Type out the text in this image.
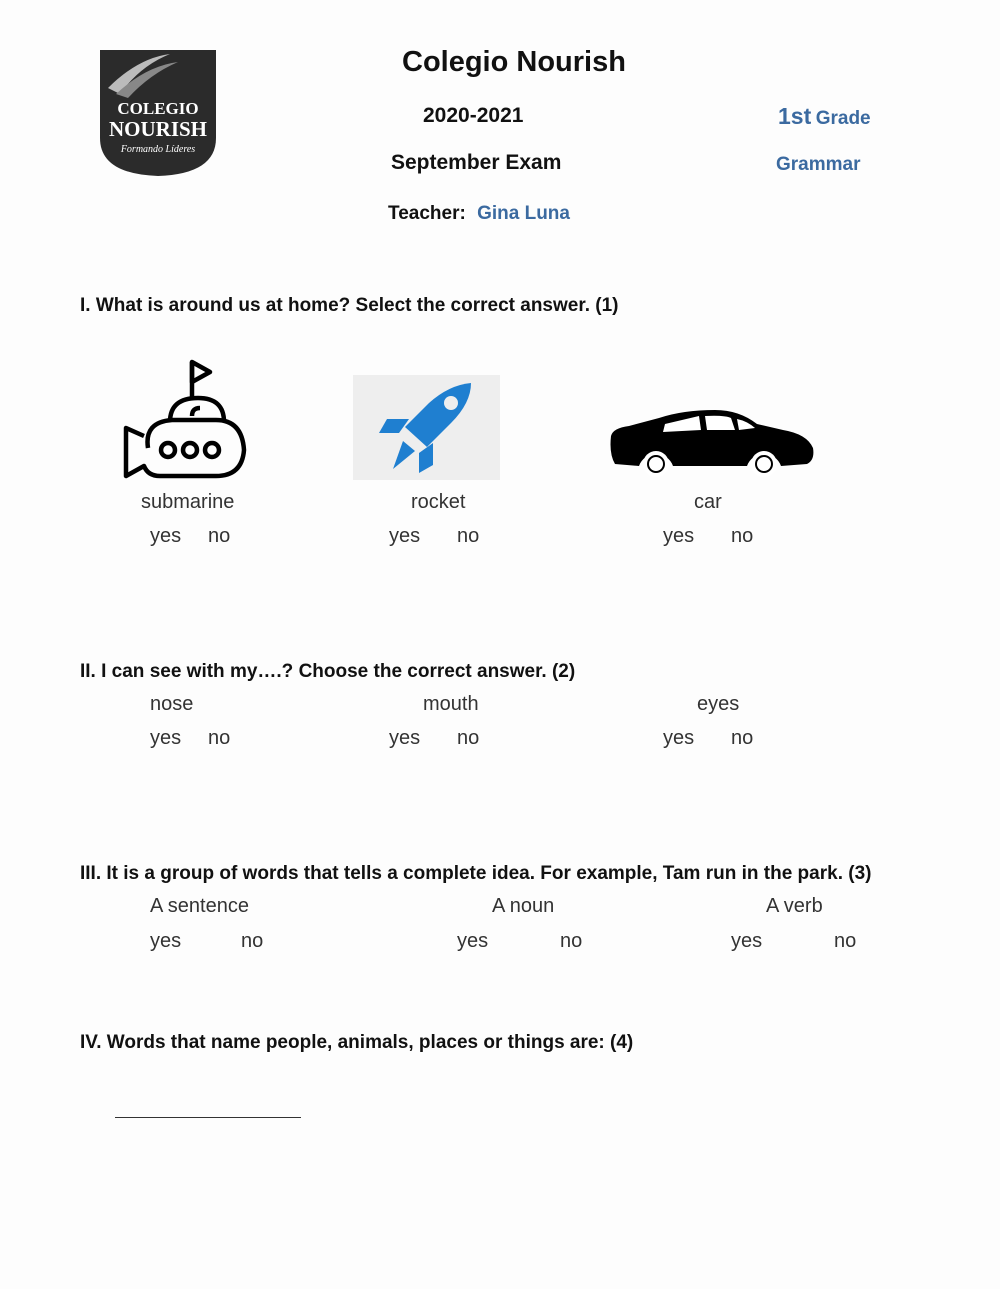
COLEGIO
NOURISH
Formando Líderes
Colegio Nourish
2020-2021
September Exam
Teacher: Gina Luna
1st Grade
Grammar
I. What is around us at home? Select the correct answer. (1)
submarine	rocket	car
yes no	yes no	yes no
II. I can see with my….? Choose the correct answer. (2)
nose	mouth	eyes
yes no	yes no	yes no
III. It is a group of words that tells a complete idea. For example, Tam run in the park. (3)
A sentence	A noun	A verb
yes	no	yes	no	yes	no
IV. Words that name people, animals, places or things are: (4)
